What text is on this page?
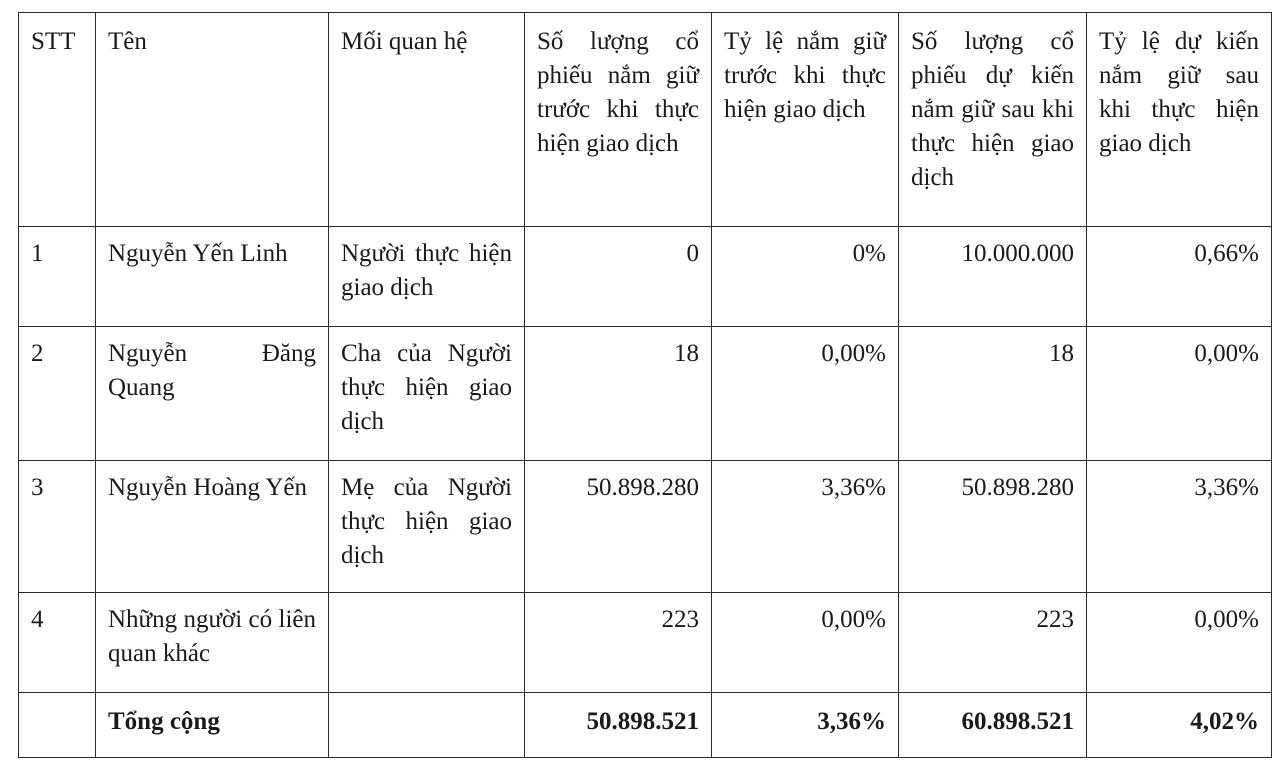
STT	Tên	Mối quan hệ	Số lượng cổ phiếu nắm giữ trước khi thực hiện giao dịch	Tỷ lệ nắm giữ trước khi thực hiện giao dịch	Số lượng cổ phiếu dự kiến nắm giữ sau khi thực hiện giao dịch	Tỷ lệ dự kiến nắm giữ sau khi thực hiện giao dịch
1	Nguyễn Yến Linh	Người thực hiện giao dịch	0	0%	10.000.000	0,66%
2	Nguyễn Đăng Quang	Cha của Người thực hiện giao dịch	18	0,00%	18	0,00%
3	Nguyễn Hoàng Yến	Mẹ của Người thực hiện giao dịch	50.898.280	3,36%	50.898.280	3,36%
4	Những người có liên quan khác		223	0,00%	223	0,00%
	Tổng cộng		50.898.521	3,36%	60.898.521	4,02%
